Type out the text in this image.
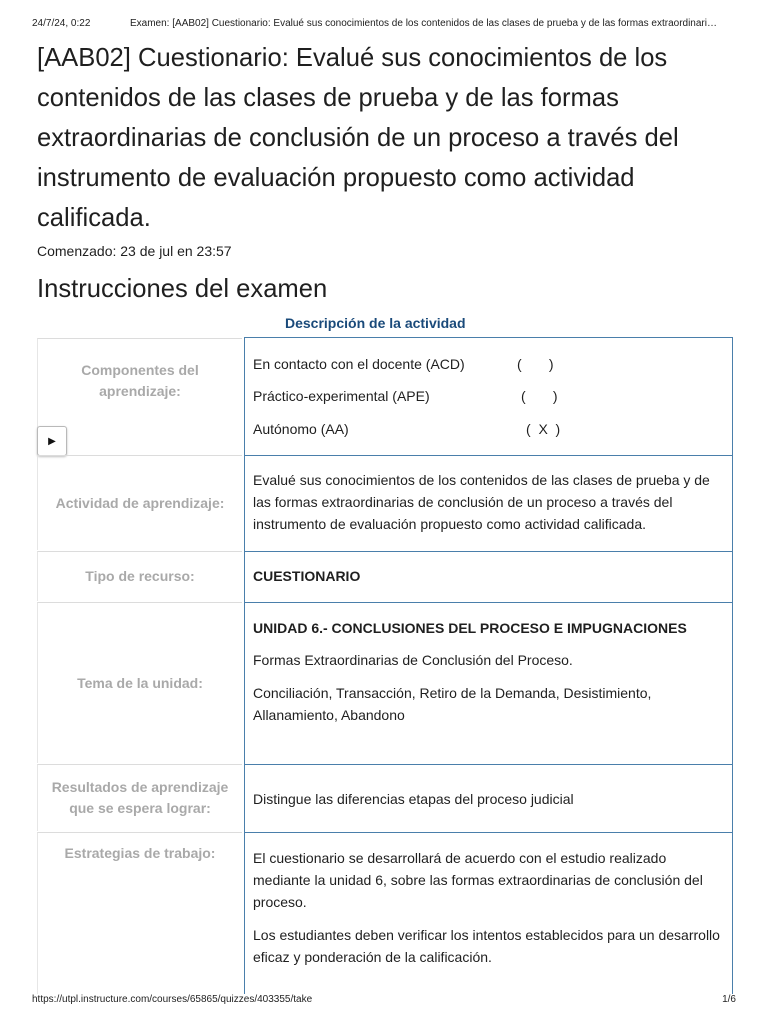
24/7/24, 0:22	Examen: [AAB02] Cuestionario: Evalué sus conocimientos de los contenidos de las clases de prueba y de las formas extraordinari…
[AAB02] Cuestionario: Evalué sus conocimientos de los contenidos de las clases de prueba y de las formas extraordinarias de conclusión de un proceso a través del instrumento de evaluación propuesto como actividad calificada.
Comenzado: 23 de jul en 23:57
Instrucciones del examen
Descripción de la actividad
Componentes del aprendizaje:
En contacto con el docente (ACD)	(       )
Práctico-experimental (APE)	(       )
Autónomo (AA)	(  X  )
▶
Actividad de aprendizaje:

Evalué sus conocimientos de los contenidos de las clases de prueba y de las formas extraordinarias de conclusión de un proceso a través del instrumento de evaluación propuesto como actividad calificada.

Tipo de recurso:	CUESTIONARIO

Tema de la unidad:

UNIDAD 6.- CONCLUSIONES DEL PROCESO E IMPUGNACIONES

Formas Extraordinarias de Conclusión del Proceso.

Conciliación, Transacción, Retiro de la Demanda, Desistimiento, Allanamiento, Abandono

Resultados de aprendizaje que se espera lograr:

Distingue las diferencias etapas del proceso judicial

Estrategias de trabajo:	El cuestionario se desarrollará de acuerdo con el estudio realizado mediante la unidad 6, sobre las formas extraordinarias de conclusión del proceso.

Los estudiantes deben verificar los intentos establecidos para un desarrollo eficaz y ponderación de la calificación.

https://utpl.instructure.com/courses/65865/quizzes/403355/take	1/6
